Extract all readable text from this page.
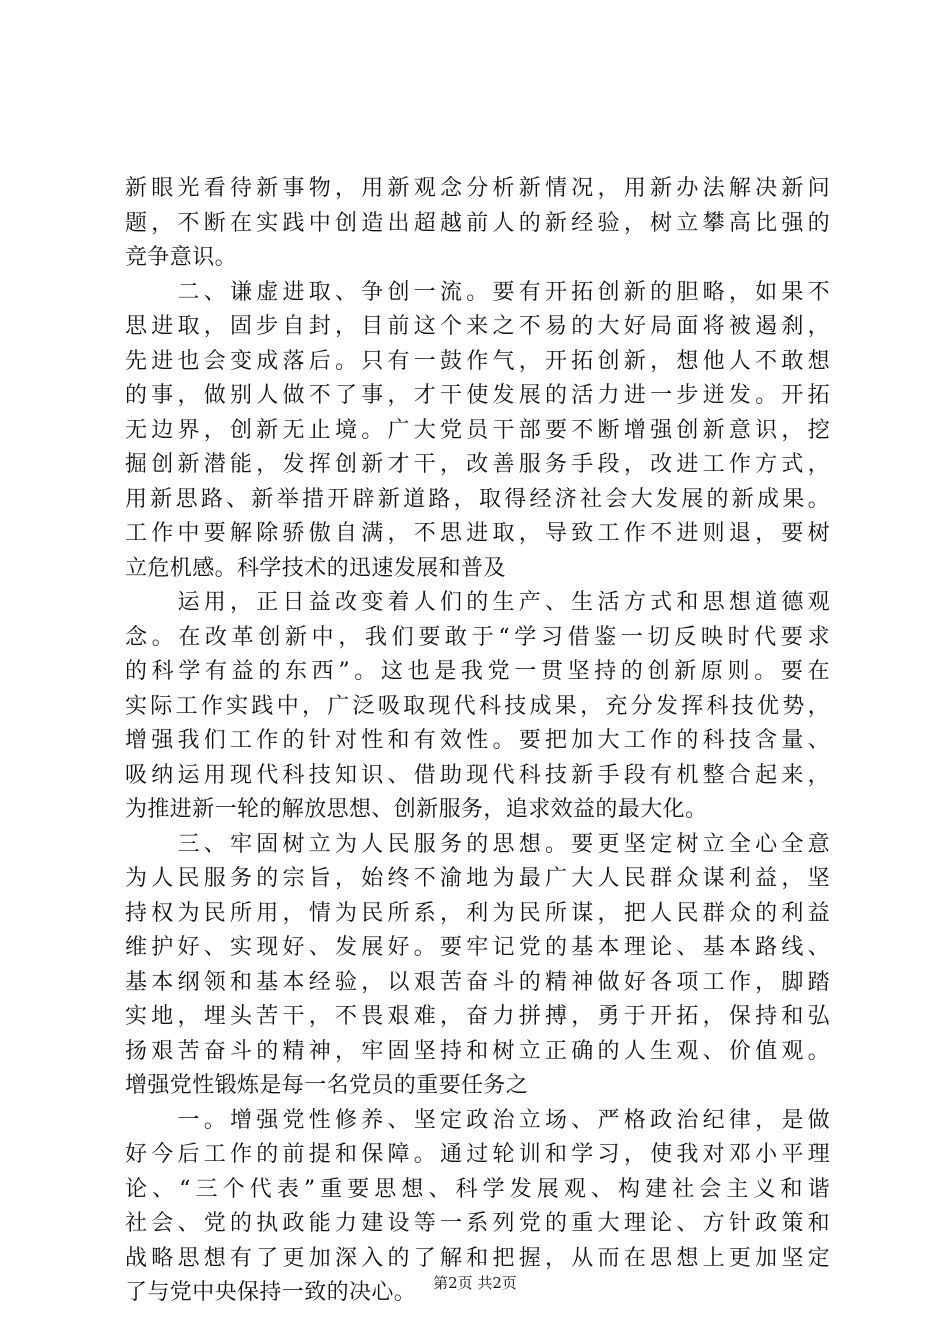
新眼光看待新事物，用新观念分析新情况，用新办法解决新问
题，不断在实践中创造出超越前人的新经验，树立攀高比强的
竞争意识。
　　二、谦虚进取、争创一流。要有开拓创新的胆略，如果不
思进取，固步自封，目前这个来之不易的大好局面将被遏刹，
先进也会变成落后。只有一鼓作气，开拓创新，想他人不敢想
的事，做别人做不了事，才干使发展的活力进一步迸发。开拓
无边界，创新无止境。广大党员干部要不断增强创新意识，挖
掘创新潜能，发挥创新才干，改善服务手段，改进工作方式，
用新思路、新举措开辟新道路，取得经济社会大发展的新成果。
工作中要解除骄傲自满，不思进取，导致工作不进则退，要树
立危机感。科学技术的迅速发展和普及
　　运用，正日益改变着人们的生产、生活方式和思想道德观
念。在改革创新中，我们要敢于“学习借鉴一切反映时代要求
的科学有益的东西”。这也是我党一贯坚持的创新原则。要在
实际工作实践中，广泛吸取现代科技成果，充分发挥科技优势，
增强我们工作的针对性和有效性。要把加大工作的科技含量、
吸纳运用现代科技知识、借助现代科技新手段有机整合起来，
为推进新一轮的解放思想、创新服务，追求效益的最大化。
　　三、牢固树立为人民服务的思想。要更坚定树立全心全意
为人民服务的宗旨，始终不渝地为最广大人民群众谋利益，坚
持权为民所用，情为民所系，利为民所谋，把人民群众的利益
维护好、实现好、发展好。要牢记党的基本理论、基本路线、
基本纲领和基本经验，以艰苦奋斗的精神做好各项工作，脚踏
实地，埋头苦干，不畏艰难，奋力拼搏，勇于开拓，保持和弘
扬艰苦奋斗的精神，牢固坚持和树立正确的人生观、价值观。
增强党性锻炼是每一名党员的重要任务之
　　一。增强党性修养、坚定政治立场、严格政治纪律，是做
好今后工作的前提和保障。通过轮训和学习，使我对邓小平理
论、“三个代表”重要思想、科学发展观、构建社会主义和谐
社会、党的执政能力建设等一系列党的重大理论、方针政策和
战略思想有了更加深入的了解和把握，从而在思想上更加坚定
了与党中央保持一致的决心。	第2页 共2页
